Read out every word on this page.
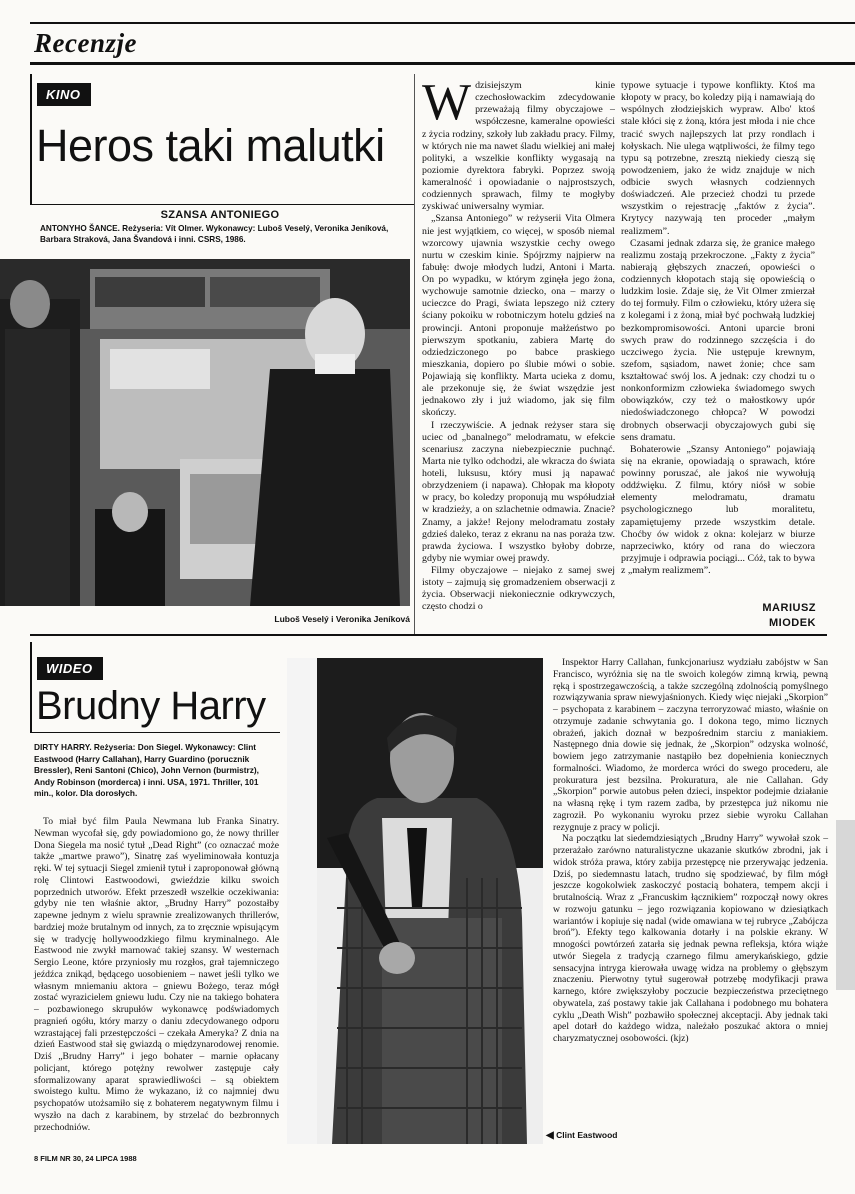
Recenzje
KINO
Heros taki malutki
SZANSA ANTONIEGO
ANTONYHO ŠANCE. Reżyseria: Vít Olmer. Wykonawcy: Luboš Veselý, Veronika Jeníková, Barbara Straková, Jana Švandová i inni. CSRS, 1986.
Luboš Veselý i Veronika Jeníková
W dzisiejszym kinie czechosłowackim zdecydowanie przeważają filmy obyczajowe – współczesne, kameralne opowieści z życia rodziny, szkoły lub zakładu pracy. Filmy, w których nie ma nawet śladu wielkiej ani małej polityki, a wszelkie konflikty wygasają na poziomie dyrektora fabryki. Poprzez swoją kameralność i opowiadanie o najprostszych, codziennych sprawach, filmy te mogłyby zyskiwać uniwersalny wymiar.

„Szansa Antoniego” w reżyserii Vita Olmera nie jest wyjątkiem, co więcej, w sposób niemal wzorcowy ujawnia wszystkie cechy owego nurtu w czeskim kinie. Spójrzmy najpierw na fabułę: dwoje młodych ludzi, Antoni i Marta. On po wypadku, w którym zginęła jego żona, wychowuje samotnie dziecko, ona – marzy o ucieczce do Pragi, świata lepszego niż cztery ściany pokoiku w robotniczym hotelu gdzieś na prowincji. Antoni proponuje małżeństwo po pierwszym spotkaniu, zabiera Martę do odziedziczonego po babce praskiego mieszkania, dopiero po ślubie mówi o sobie. Pojawiają się konflikty. Marta ucieka z domu, ale przekonuje się, że świat wszędzie jest jednakowo zły i już wiadomo, jak się film skończy.

I rzeczywiście. A jednak reżyser stara się uciec od „banalnego” melodramatu, w efekcie scenariusz zaczyna niebezpiecznie puchnąć. Marta nie tylko odchodzi, ale wkracza do świata hoteli, luksusu, który musi ją napawać obrzydzeniem (i napawa). Chłopak ma kłopoty w pracy, bo koledzy proponują mu współudział w kradzieży, a on szlachetnie odmawia. Znacie? Znamy, a jakże! Rejony melodramatu zostały gdzieś daleko, teraz z ekranu na nas poraża tzw. prawda życiowa. I wszystko byłoby dobrze, gdyby nie wymiar owej prawdy.

Filmy obyczajowe – niejako z samej swej istoty – zajmują się gromadzeniem obserwacji z życia. Obserwacji niekoniecznie odkrywczych, często chodzi o

typowe sytuacje i typowe konflikty. Ktoś ma kłopoty w pracy, bo koledzy piją i namawiają do wspólnych złodziejskich wypraw. Albo' ktoś stale kłóci się z żoną, która jest młoda i nie chce tracić swych najlepszych lat przy rondlach i kołyskach. Nie ulega wątpliwości, że filmy tego typu są potrzebne, zresztą niekiedy cieszą się powodzeniem, jako że widz znajduje w nich odbicie swych własnych codziennych doświadczeń. Ale przecież chodzi tu przede wszystkim o rejestrację „faktów z życia”. Krytycy nazywają ten proceder „małym realizmem”.

Czasami jednak zdarza się, że granice małego realizmu zostają przekroczone. „Fakty z życia” nabierają głębszych znaczeń, opowieści o codziennych kłopotach stają się opowieścią o ludzkim losie. Zdaje się, że Vit Olmer zmierzał do tej formuły. Film o człowieku, który użera się z kolegami i z żoną, miał być pochwałą ludzkiej bezkompromisowości. Antoni uparcie broni swych praw do rodzinnego szczęścia i do uczciwego życia. Nie ustępuje krewnym, szefom, sąsiadom, nawet żonie; chce sam kształtować swój los. A jednak: czy chodzi tu o nonkonformizm człowieka świadomego swych obowiązków, czy też o małostkowy upór niedoświadczonego chłopca? W powodzi drobnych obserwacji obyczajowych gubi się sens dramatu.

Bohaterowie „Szansy Antoniego” pojawiają się na ekranie, opowiadają o sprawach, które powinny poruszać, ale jakoś nie wywołują oddźwięku. Z filmu, który niósł w sobie elementy melodramatu, dramatu psychologicznego lub moralitetu, zapamiętujemy przede wszystkim detale. Choćby ów widok z okna: kolejarz w biurze naprzeciwko, który od rana do wieczora przyjmuje i odprawia pociągi... Cóż, tak to bywa z „małym realizmem”.

MARIUSZ MIODEK
WIDEO
Brudny Harry
DIRTY HARRY. Reżyseria: Don Siegel. Wykonawcy: Clint Eastwood (Harry Callahan), Harry Guardino (porucznik Bressler), Reni Santoni (Chico), John Vernon (burmistrz), Andy Robinson (morderca) i inni. USA, 1971. Thriller, 101 min., kolor. Dla dorosłych.

To miał być film Paula Newmana lub Franka Sinatry. Newman wycofał się, gdy powiadomiono go, że nowy thriller Dona Siegela ma nosić tytuł „Dead Right” (co oznaczać może także „martwe prawo”), Sinatrę zaś wyeliminowała kontuzja ręki. W tej sytuacji Siegel zmienił tytuł i zaproponował główną rolę Clintowi Eastwoodowi, gwieździe kilku swoich poprzednich utworów. Efekt przeszedł wszelkie oczekiwania: gdyby nie ten właśnie aktor, „Brudny Harry” pozostałby zapewne jednym z wielu sprawnie zrealizowanych thrillerów, bardziej może brutalnym od innych, za to zręcznie wpisującym się w tradycję hollywoodzkiego filmu kryminalnego. Ale Eastwood nie zwykł marnować takiej szansy. W westernach Sergio Leone, które przyniosły mu rozgłos, grał tajemniczego jeźdźca znikąd, będącego uosobieniem – nawet jeśli tylko we własnym mniemaniu aktora – gniewu Bożego, teraz mógł zostać wyrazicielem gniewu ludu. Czy nie na takiego bohatera – pozbawionego skrupułów wykonawcę podświadomych pragnień ogółu, który marzy o daniu zdecydowanego odporu wzrastającej fali przestępczości – czekała Ameryka? Z dnia na dzień Eastwood stał się gwiazdą o międzynarodowej renomie. Dziś „Brudny Harry” i jego bohater – marnie opłacany policjant, którego potężny rewolwer zastępuje cały sformalizowany aparat sprawiedliwości – są obiektem swoistego kultu. Mimo że wykazano, iż co najmniej dwu psychopatów utożsamiło się z bohaterem negatywnym filmu i wyszło na dach z karabinem, by strzelać do bezbronnych przechodniów.

◀ Clint Eastwood

Inspektor Harry Callahan, funkcjonariusz wydziału zabójstw w San Francisco, wyróżnia się na tle swoich kolegów zimną krwią, pewną ręką i spostrzegawczością, a także szczególną zdolnością pomyślnego rozwiązywania spraw niewyjaśnionych. Kiedy więc niejaki „Skorpion” – psychopata z karabinem – zaczyna terroryzować miasto, właśnie on otrzymuje zadanie schwytania go. I dokona tego, mimo licznych obrażeń, jakich doznał w bezpośrednim starciu z maniakiem. Następnego dnia dowie się jednak, że „Skorpion” odzyska wolność, bowiem jego zatrzymanie nastąpiło bez dopełnienia koniecznych formalności. Wiadomo, że morderca wróci do swego procederu, ale prokuratura jest bezsilna. Prokuratura, ale nie Callahan. Gdy „Skorpion” porwie autobus pełen dzieci, inspektor podejmie działanie na własną rękę i tym razem zadba, by przestępca już nikomu nie zagroził. Po wykonaniu wyroku przez siebie wyroku Callahan rezygnuje z pracy w policji.

Na początku lat siedemdziesiątych „Brudny Harry” wywołał szok – przerażało zarówno naturalistyczne ukazanie skutków zbrodni, jak i widok stróża prawa, który zabija przestępcę nie przerywając jedzenia. Dziś, po siedemnastu latach, trudno się spodziewać, by film mógł jeszcze kogokolwiek zaskoczyć postacią bohatera, tempem akcji i brutalnością. Wraz z „Francuskim łącznikiem” rozpoczął nowy okres w rozwoju gatunku – jego rozwiązania kopiowano w dziesiątkach wariantów i kopiuje się nadal (wide omawiana w tej rubryce „Zabójcza broń”). Efekty tego kalkowania dotarły i na polskie ekrany. W mnogości powtórzeń zatarła się jednak pewna refleksja, która wiąże utwór Siegela z tradycją czarnego filmu amerykańskiego, gdzie sensacyjna intryga kierowała uwagę widza na problemy o głębszym znaczeniu. Pierwotny tytuł sugerował potrzebę modyfikacji prawa karnego, które zwiększyłoby poczucie bezpieczeństwa przeciętnego obywatela, zaś postawy takie jak Callahana i podobnego mu bohatera cyklu „Death Wish” pozbawiło społecznej akceptacji. Aby jednak taki apel dotarł do każdego widza, należało poszukać aktora o mniej charyzmatycznej osobowości. (kjz)

8 FILM NR 30, 24 LIPCA 1988
